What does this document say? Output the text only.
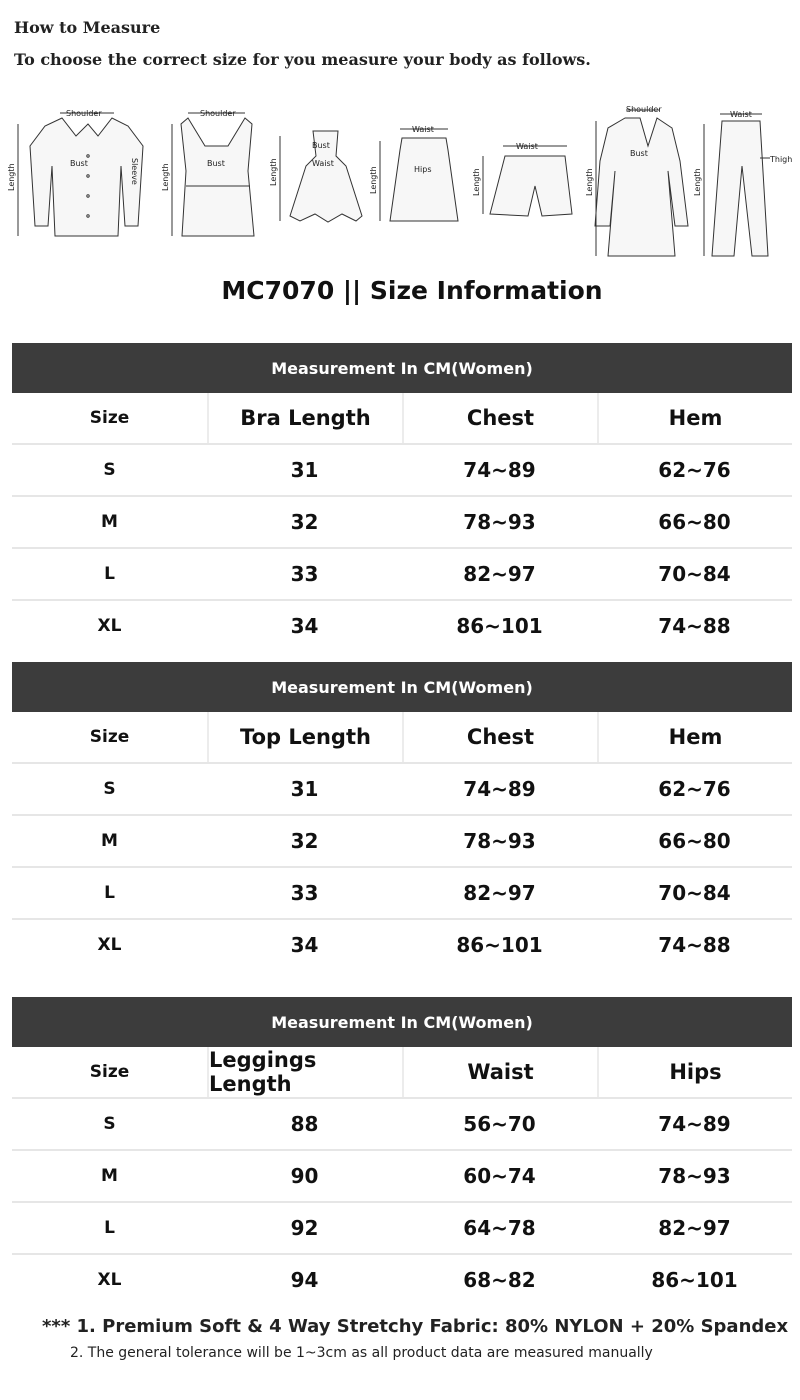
How to Measure
To choose the correct size for you measure your body as follows.
Shoulder
Bust
Length	Sleeve
Shoulder
Bust
Length
Bust
Waist
Length
Waist
Hips
Length
Waist
Length
Shoulder
Bust
Length
Waist
Thigh
Length
MC7070 || Size Information
Measurement In CM(Women)
Size	Bra Length	Chest	Hem
S	31	74~89	62~76
M	32	78~93	66~80
L	33	82~97	70~84
XL	34	86~101	74~88
Measurement In CM(Women)
Size	Top Length	Chest	Hem
S	31	74~89	62~76
M	32	78~93	66~80
L	33	82~97	70~84
XL	34	86~101	74~88
Measurement In CM(Women)
Size	Leggings Length	Waist	Hips
S	88	56~70	74~89
M	90	60~74	78~93
L	92	64~78	82~97
XL	94	68~82	86~101
*** 1. Premium Soft & 4 Way Stretchy Fabric: 80% NYLON + 20% Spandex
2. The general tolerance will be 1~3cm as all product data are measured manually
